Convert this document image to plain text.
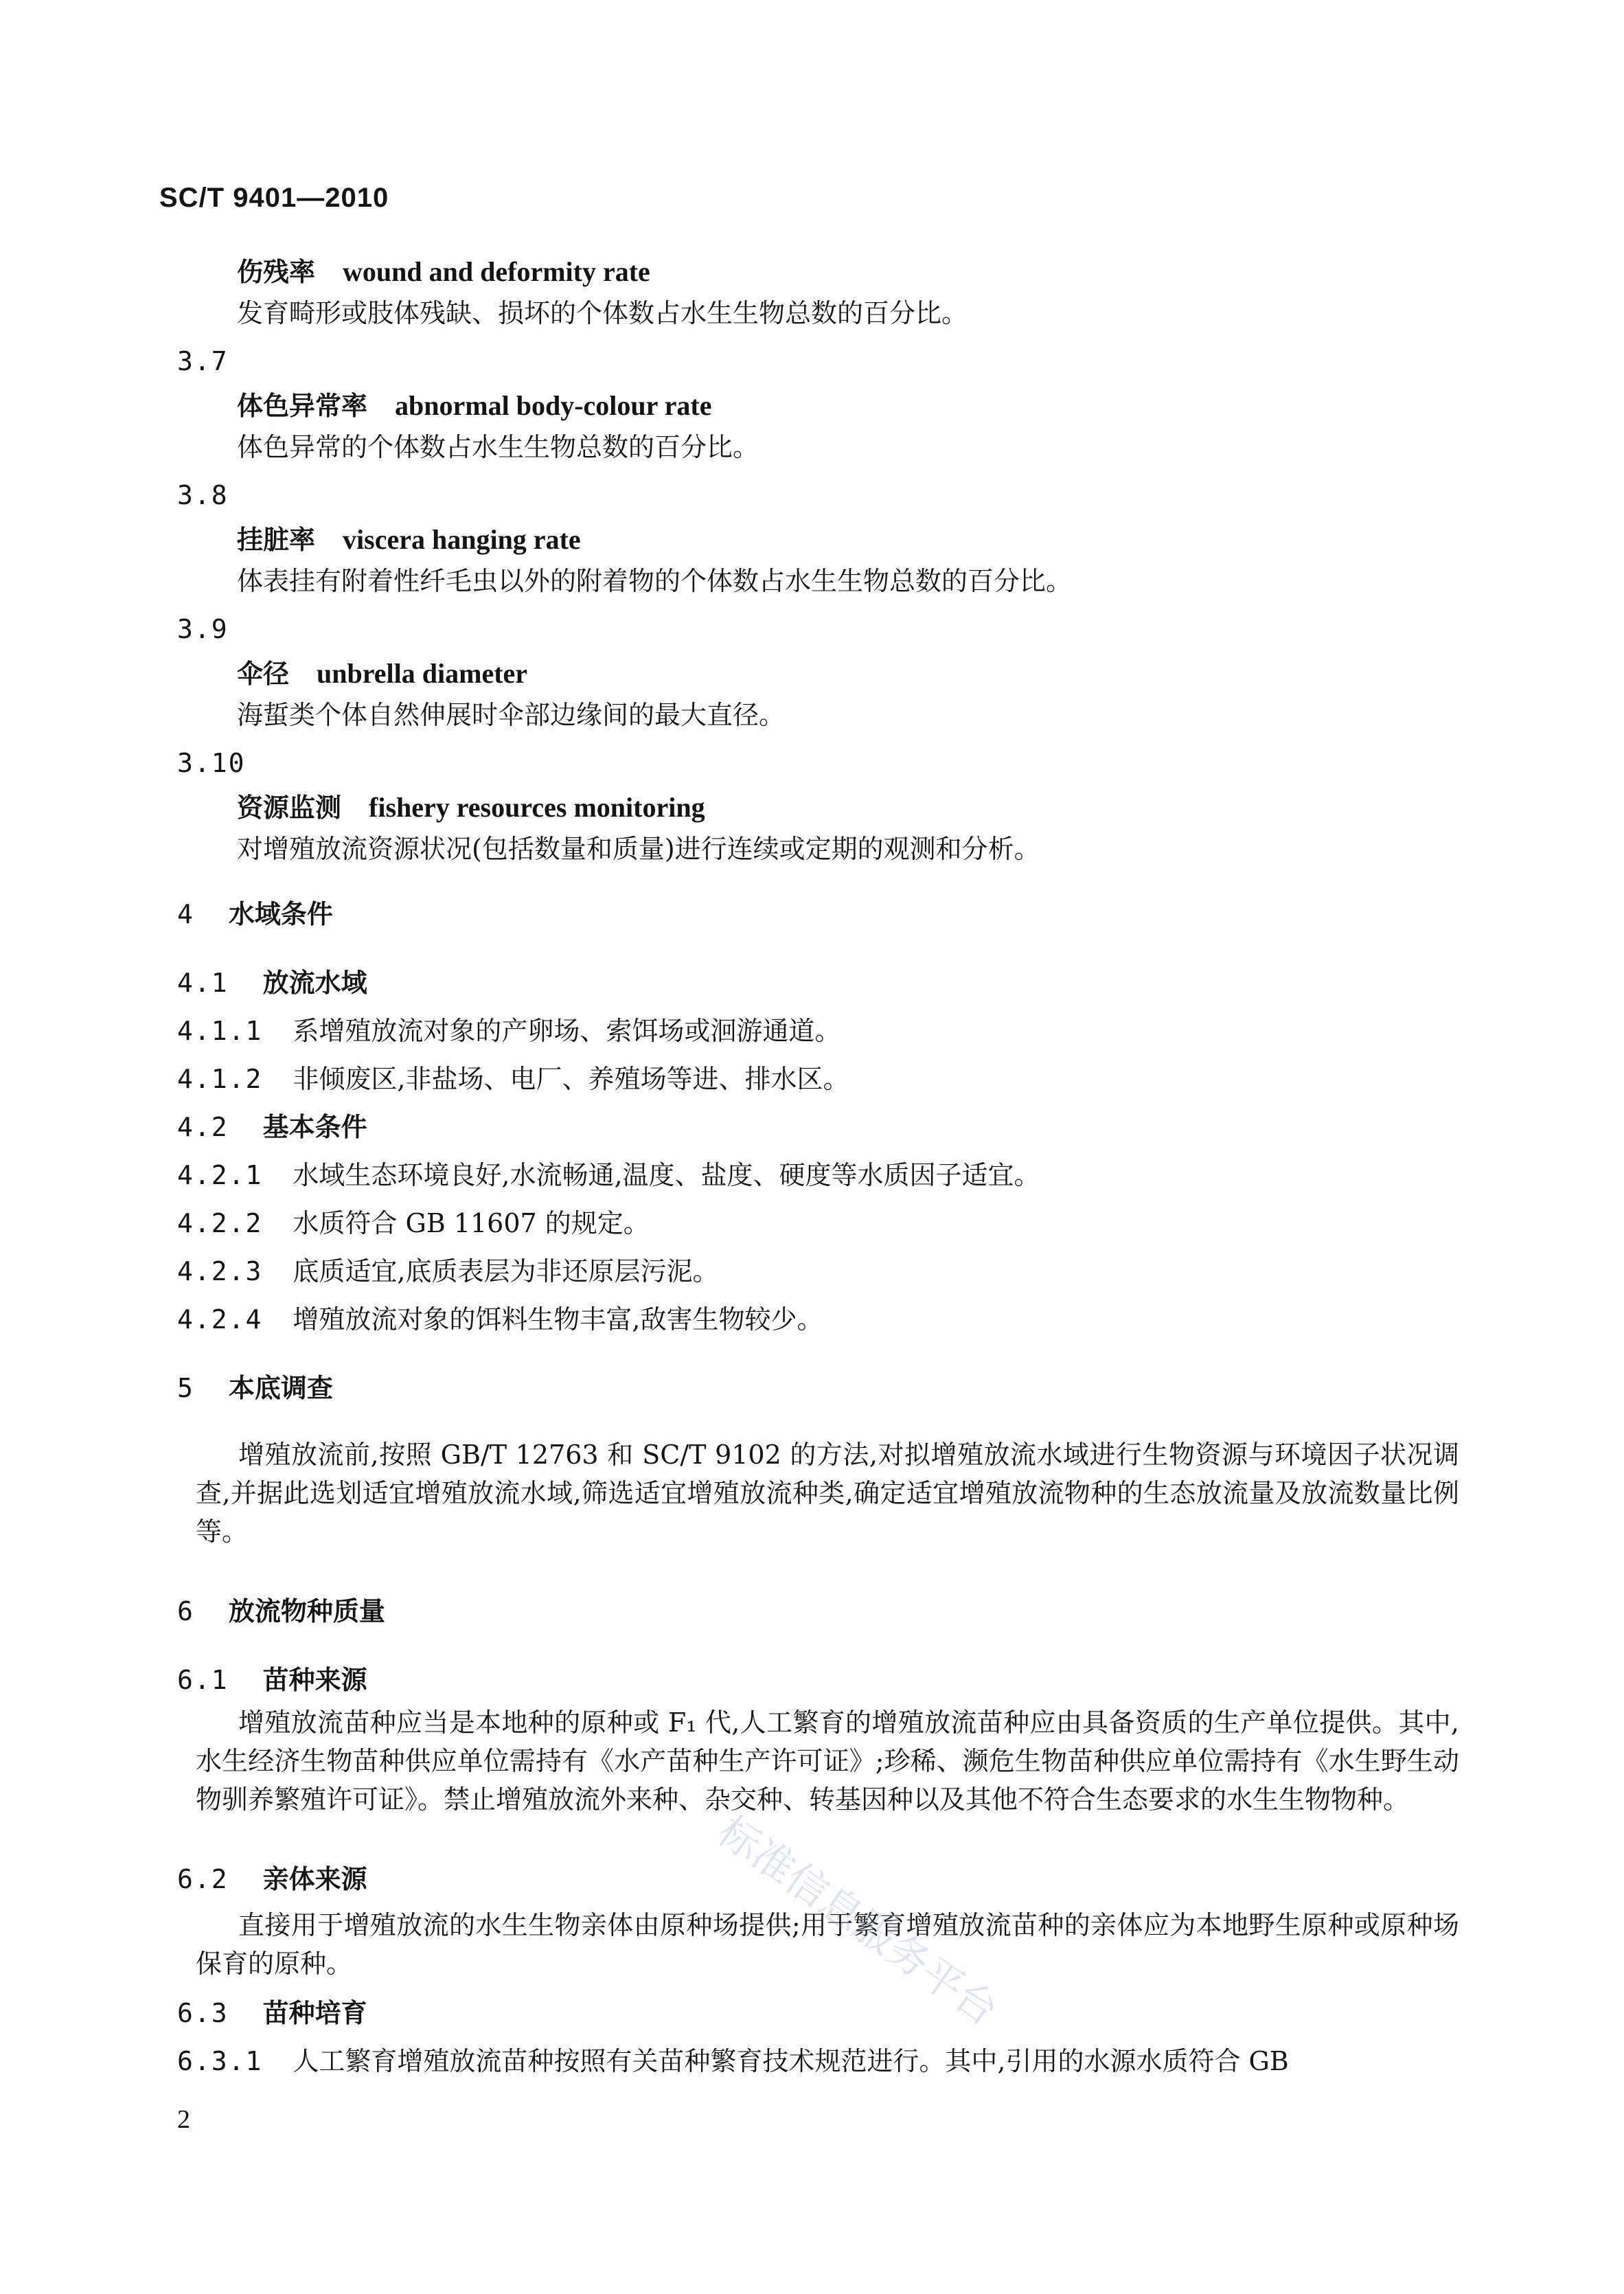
SC/T 9401—2010
伤残率 wound and deformity rate
发育畸形或肢体残缺、损坏的个体数占水生生物总数的百分比。
3.7
体色异常率 abnormal body-colour rate
体色异常的个体数占水生生物总数的百分比。
3.8
挂脏率 viscera hanging rate
体表挂有附着性纤毛虫以外的附着物的个体数占水生生物总数的百分比。
3.9
伞径 unbrella diameter
海蜇类个体自然伸展时伞部边缘间的最大直径。
3.10
资源监测 fishery resources monitoring
对增殖放流资源状况(包括数量和质量)进行连续或定期的观测和分析。
4 水域条件
4.1 放流水域
4.1.1 系增殖放流对象的产卵场、索饵场或洄游通道。
4.1.2 非倾废区,非盐场、电厂、养殖场等进、排水区。
4.2 基本条件
4.2.1 水域生态环境良好,水流畅通,温度、盐度、硬度等水质因子适宜。
4.2.2 水质符合 GB 11607 的规定。
4.2.3 底质适宜,底质表层为非还原层污泥。
4.2.4 增殖放流对象的饵料生物丰富,敌害生物较少。
5 本底调查
增殖放流前,按照 GB/T 12763 和 SC/T 9102 的方法,对拟增殖放流水域进行生物资源与环境因子状况调查,并据此选划适宜增殖放流水域,筛选适宜增殖放流种类,确定适宜增殖放流物种的生态放流量及放流数量比例等。
6 放流物种质量
6.1 苗种来源
增殖放流苗种应当是本地种的原种或 F₁ 代,人工繁育的增殖放流苗种应由具备资质的生产单位提供。其中,水生经济生物苗种供应单位需持有《水产苗种生产许可证》;珍稀、濒危生物苗种供应单位需持有《水生野生动物驯养繁殖许可证》。禁止增殖放流外来种、杂交种、转基因种以及其他不符合生态要求的水生生物物种。
6.2 亲体来源
直接用于增殖放流的水生生物亲体由原种场提供;用于繁育增殖放流苗种的亲体应为本地野生原种或原种场保育的原种。
6.3 苗种培育
6.3.1 人工繁育增殖放流苗种按照有关苗种繁育技术规范进行。其中,引用的水源水质符合 GB
2
标准信息服务平台
